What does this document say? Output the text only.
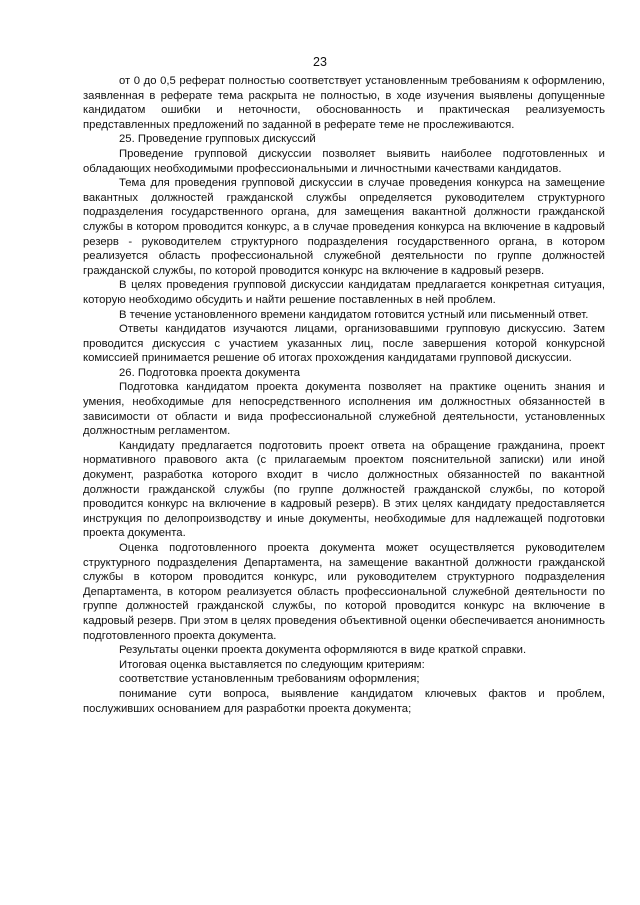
23

от 0 до 0,5 реферат полностью соответствует установленным требованиям к оформлению, заявленная в реферате тема раскрыта не полностью, в ходе изучения выявлены допущенные кандидатом ошибки и неточности, обоснованность и практическая реализуемость представленных предложений по заданной в реферате теме не прослеживаются.

25. Проведение групповых дискуссий

Проведение групповой дискуссии позволяет выявить наиболее подготовленных и обладающих необходимыми профессиональными и личностными качествами кандидатов.

Тема для проведения групповой дискуссии в случае проведения конкурса на замещение вакантных должностей гражданской службы определяется руководителем структурного подразделения государственного органа, для замещения вакантной должности гражданской службы в котором проводится конкурс, а в случае проведения конкурса на включение в кадровый резерв - руководителем структурного подразделения государственного органа, в котором реализуется область профессиональной служебной деятельности по группе должностей гражданской службы, по которой проводится конкурс на включение в кадровый резерв.

В целях проведения групповой дискуссии кандидатам предлагается конкретная ситуация, которую необходимо обсудить и найти решение поставленных в ней проблем.

В течение установленного времени кандидатом готовится устный или письменный ответ.

Ответы кандидатов изучаются лицами, организовавшими групповую дискуссию. Затем проводится дискуссия с участием указанных лиц, после завершения которой конкурсной комиссией принимается решение об итогах прохождения кандидатами групповой дискуссии.

26. Подготовка проекта документа

Подготовка кандидатом проекта документа позволяет на практике оценить знания и умения, необходимые для непосредственного исполнения им должностных обязанностей в зависимости от области и вида профессиональной служебной деятельности, установленных должностным регламентом.

Кандидату предлагается подготовить проект ответа на обращение гражданина, проект нормативного правового акта (с прилагаемым проектом пояснительной записки) или иной документ, разработка которого входит в число должностных обязанностей по вакантной должности гражданской службы (по группе должностей гражданской службы, по которой проводится конкурс на включение в кадровый резерв). В этих целях кандидату предоставляется инструкция по делопроизводству и иные документы, необходимые для надлежащей подготовки проекта документа.

Оценка подготовленного проекта документа может осуществляется руководителем структурного подразделения Департамента, на замещение вакантной должности гражданской службы в котором проводится конкурс, или руководителем структурного подразделения Департамента, в котором реализуется область профессиональной служебной деятельности по группе должностей гражданской службы, по которой проводится конкурс на включение в кадровый резерв. При этом в целях проведения объективной оценки обеспечивается анонимность подготовленного проекта документа.

Результаты оценки проекта документа оформляются в виде краткой справки.

Итоговая оценка выставляется по следующим критериям:

соответствие установленным требованиям оформления;

понимание сути вопроса, выявление кандидатом ключевых фактов и проблем, послуживших основанием для разработки проекта документа;
